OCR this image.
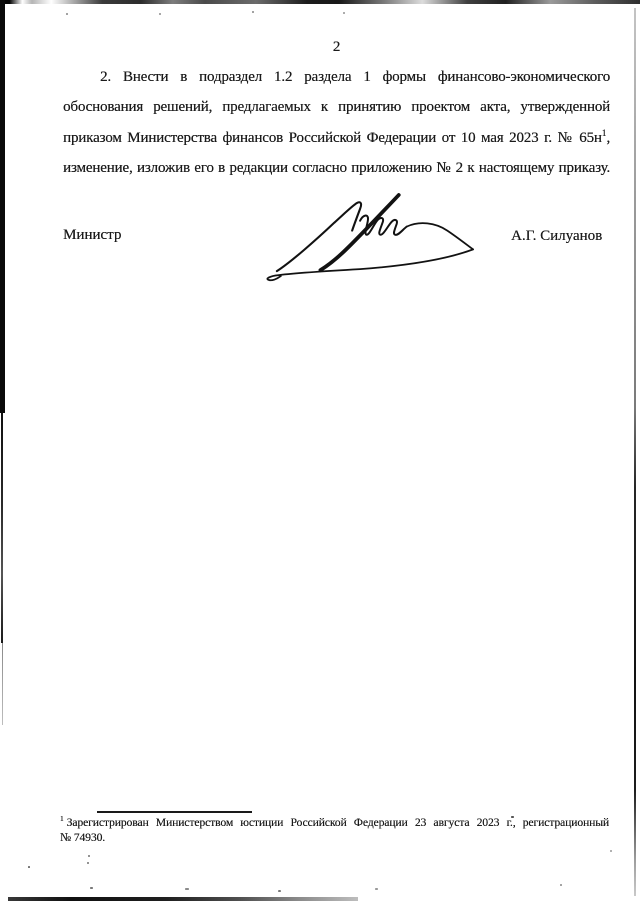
2
2. Внести в подраздел 1.2 раздела 1 формы финансово-экономического
обоснования решений, предлагаемых к принятию проектом акта, утвержденной
приказом Министерства финансов Российской Федерации от 10 мая 2023 г. № 65н$^1$,
изменение, изложив его в редакции согласно приложению № 2 к настоящему приказу.
Министр	А.Г. Силуанов
$^1$ Зарегистрирован Министерством юстиции Российской Федерации 23 августа 2023 г., регистрационный
№ 74930.
